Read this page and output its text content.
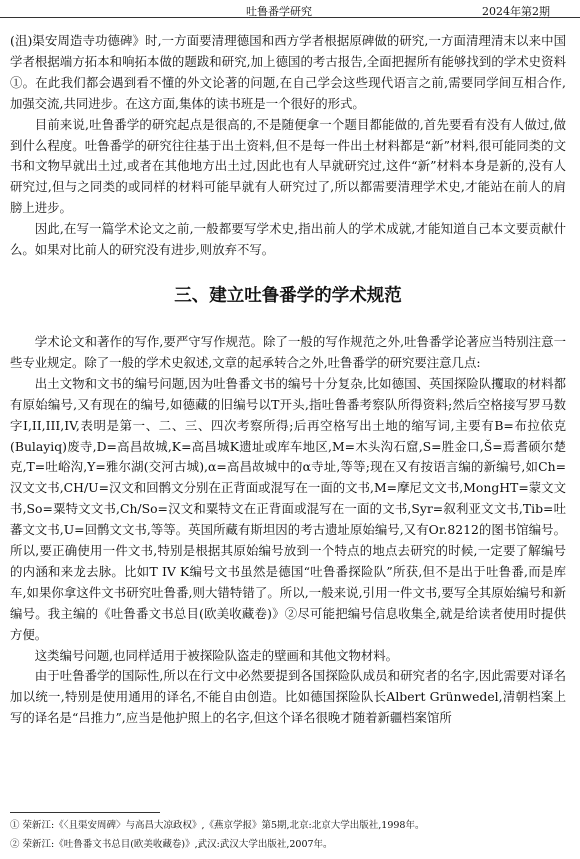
吐鲁番学研究	2024年第2期

(沮)渠安周造寺功德碑》时,一方面要清理德国和西方学者根据原碑做的研究,一方面清理清末以来中国学者根据端方拓本和响拓本做的题跋和研究,加上德国的考古报告,全面把握所有能够找到的学术史资料①。在此我们都会遇到看不懂的外文论著的问题,在自己学会这些现代语言之前,需要同学间互相合作,加强交流,共同进步。在这方面,集体的读书班是一个很好的形式。

目前来说,吐鲁番学的研究起点是很高的,不是随便拿一个题目都能做的,首先要看有没有人做过,做到什么程度。吐鲁番学的研究往往基于出土资料,但不是每一件出土材料都是“新”材料,很可能同类的文书和文物早就出土过,或者在其他地方出土过,因此也有人早就研究过,这件“新”材料本身是新的,没有人研究过,但与之同类的或同样的材料可能早就有人研究过了,所以都需要清理学术史,才能站在前人的肩膀上进步。

因此,在写一篇学术论文之前,一般都要写学术史,指出前人的学术成就,才能知道自己本文要贡献什么。如果对比前人的研究没有进步,则放弃不写。

三、建立吐鲁番学的学术规范

学术论文和著作的写作,要严守写作规范。除了一般的写作规范之外,吐鲁番学论著应当特别注意一些专业规定。除了一般的学术史叙述,文章的起承转合之外,吐鲁番学的研究要注意几点:

出土文物和文书的编号问题,因为吐鲁番文书的编号十分复杂,比如德国、英国探险队攫取的材料都有原始编号,又有现在的编号,如德藏的旧编号以T开头,指吐鲁番考察队所得资料;然后空格接写罗马数字I,II,III,IV,表明是第一、二、三、四次考察所得;后再空格写出土地的缩写词,主要有B=布拉依克(Bulayiq)废寺,D=高昌故城,K=高昌城K遗址或库车地区,M=木头沟石窟,S=胜金口,Š=焉耆硕尔楚克,T=吐峪沟,Y=雅尔湖(交河古城),α=高昌故城中的α寺址,等等;现在又有按语言编的新编号,如Ch=汉文文书,CH/U=汉文和回鹘文分别在正背面或混写在一面的文书,M=摩尼文文书,MongHT=蒙文文书,So=粟特文文书,Ch/So=汉文和粟特文在正背面或混写在一面的文书,Syr=叙利亚文文书,Tib=吐蕃文文书,U=回鹘文文书,等等。英国所藏有斯坦因的考古遗址原始编号,又有Or.8212的图书馆编号。所以,要正确使用一件文书,特别是根据其原始编号放到一个特点的地点去研究的时候,一定要了解编号的内涵和来龙去脉。比如T IV K编号文书虽然是德国“吐鲁番探险队”所获,但不是出于吐鲁番,而是库车,如果你拿这件文书研究吐鲁番,则大错特错了。所以,一般来说,引用一件文书,要写全其原始编号和新编号。我主编的《吐鲁番文书总目(欧美收藏卷)》②尽可能把编号信息收集全,就是给读者使用时提供方便。

这类编号问题,也同样适用于被探险队盗走的壁画和其他文物材料。

由于吐鲁番学的国际性,所以在行文中必然要提到各国探险队成员和研究者的名字,因此需要对译名加以统一,特别是使用通用的译名,不能自由创造。比如德国探险队长Albert Grünwedel,清朝档案上写的译名是“吕推力”,应当是他护照上的名字,但这个译名很晚才随着新疆档案馆所

① 荣新江:《〈且渠安周碑〉与高昌大凉政权》,《燕京学报》第5期,北京:北京大学出版社,1998年。
② 荣新江:《吐鲁番文书总目(欧美收藏卷)》,武汉:武汉大学出版社,2007年。
